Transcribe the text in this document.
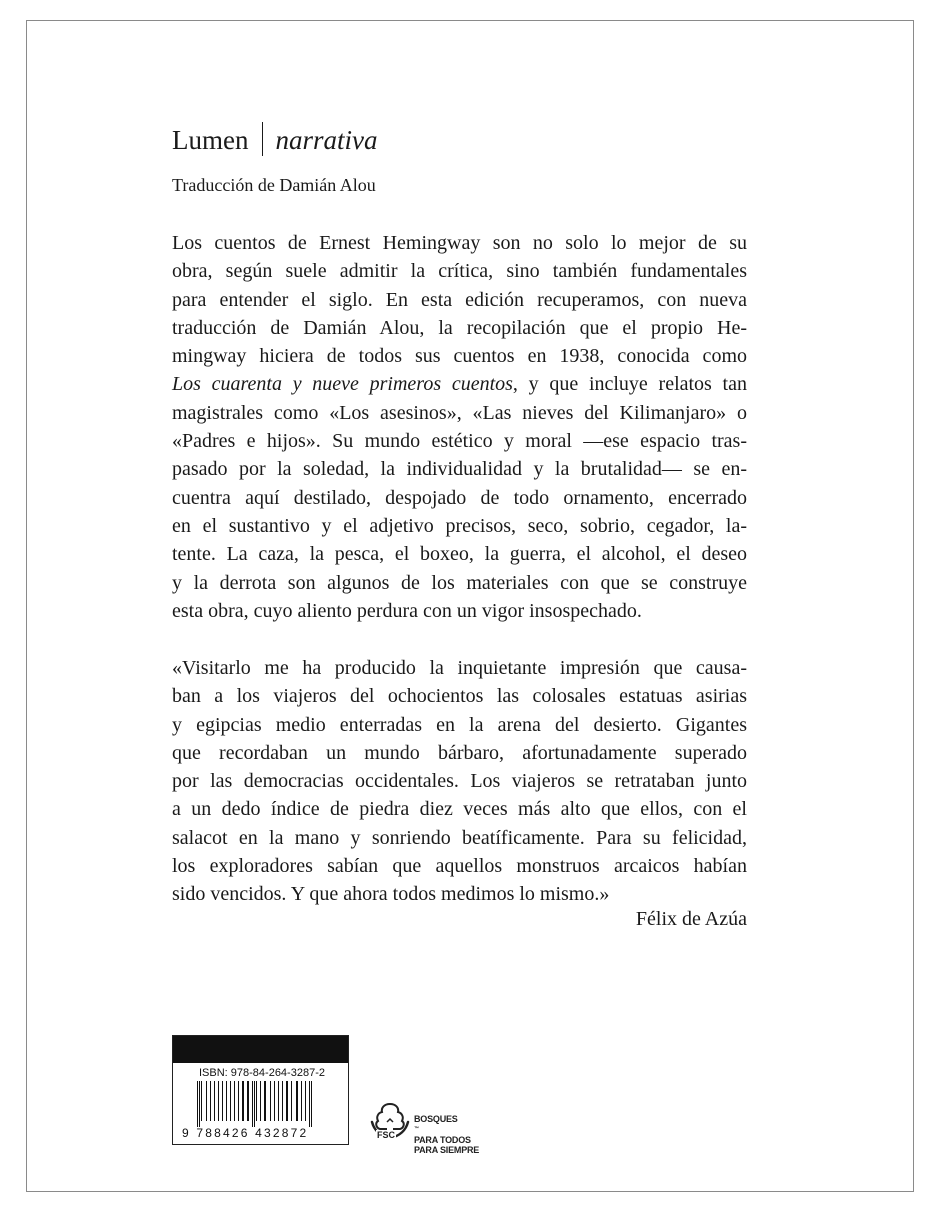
Lumen narrativa
Traducción de Damián Alou

Los cuentos de Ernest Hemingway son no solo lo mejor de su
obra, según suele admitir la crítica, sino también fundamentales
para entender el siglo. En esta edición recuperamos, con nueva
traducción de Damián Alou, la recopilación que el propio He-
mingway hiciera de todos sus cuentos en 1938, conocida como
Los cuarenta y nueve primeros cuentos, y que incluye relatos tan
magistrales como «Los asesinos», «Las nieves del Kilimanjaro» o
«Padres e hijos». Su mundo estético y moral —ese espacio tras-
pasado por la soledad, la individualidad y la brutalidad— se en-
cuentra aquí destilado, despojado de todo ornamento, encerrado
en el sustantivo y el adjetivo precisos, seco, sobrio, cegador, la-
tente. La caza, la pesca, el boxeo, la guerra, el alcohol, el deseo
y la derrota son algunos de los materiales con que se construye
esta obra, cuyo aliento perdura con un vigor insospechado.

«Visitarlo me ha producido la inquietante impresión que causa-
ban a los viajeros del ochocientos las colosales estatuas asirias
y egipcias medio enterradas en la arena del desierto. Gigantes
que recordaban un mundo bárbaro, afortunadamente superado
por las democracias occidentales. Los viajeros se retrataban junto
a un dedo índice de piedra diez veces más alto que ellos, con el
salacot en la mano y sonriendo beatíficamente. Para su felicidad,
los exploradores sabían que aquellos monstruos arcaicos habían
sido vencidos. Y que ahora todos medimos lo mismo.»

Félix de Azúa
ISBN: 978-84-264-3287-2
9 788426 432872	FSC
BOSQUES
™
PARA TODOS
PARA SIEMPRE
